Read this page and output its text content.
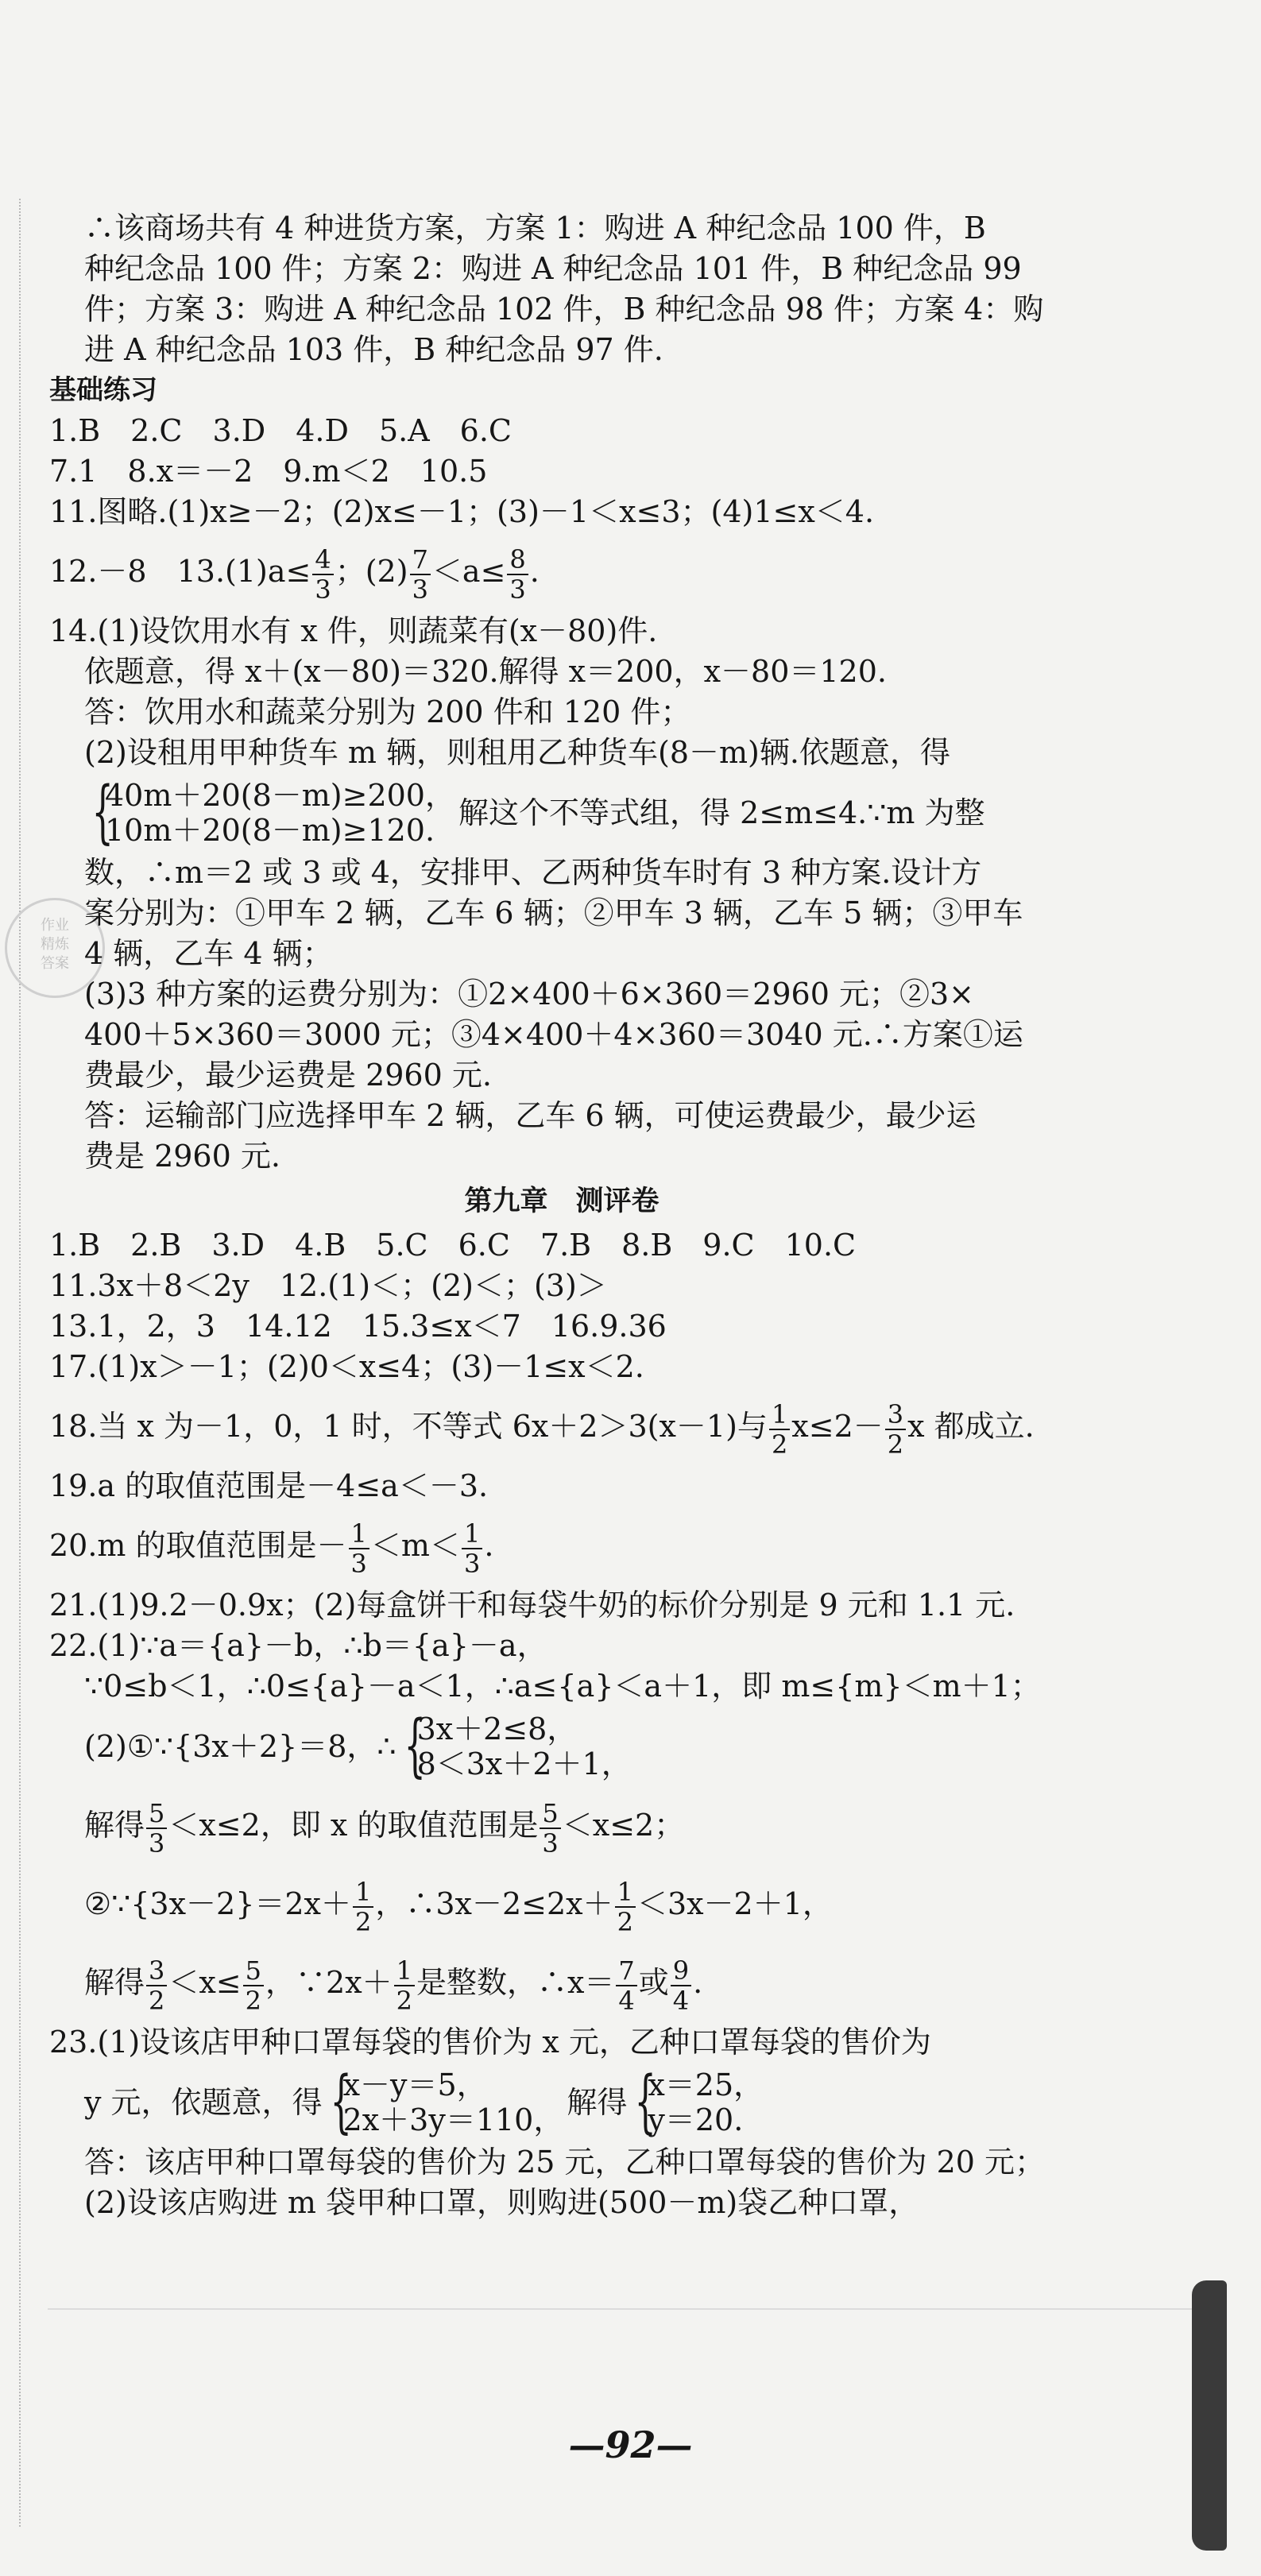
作业
精炼
答案
∴该商场共有 4 种进货方案，方案 1：购进 A 种纪念品 100 件，B
种纪念品 100 件；方案 2：购进 A 种纪念品 101 件，B 种纪念品 99
件；方案 3：购进 A 种纪念品 102 件，B 种纪念品 98 件；方案 4：购
进 A 种纪念品 103 件，B 种纪念品 97 件.
基础练习
1.B　2.C　3.D　4.D　5.A　6.C
7.1　8.x＝－2　9.m＜2　10.5
11.图略.(1)x≥－2；(2)x≤－1；(3)－1＜x≤3；(4)1≤x＜4.
12.－8　$13.(1)a\le \frac{4}{3}$ ；$(2) \frac{7}{3} <a\le \frac{8}{3}$ .
14.(1)设饮用水有 x 件，则蔬菜有(x－80)件.
依题意，得 x＋(x－80)＝320.解得 x＝200，x－80＝120.
答：饮用水和蔬菜分别为 200 件和 120 件；
(2)设租用甲种货车 m 辆，则租用乙种货车(8－m)辆.依题意，得
{
40m＋20(8－m)≥200，
10m＋20(8－m)≥120.
解这个不等式组，得 2≤m≤4.∵m 为整
数，∴m＝2 或 3 或 4，安排甲、乙两种货车时有 3 种方案.设计方
案分别为：①甲车 2 辆，乙车 6 辆；②甲车 3 辆，乙车 5 辆；③甲车
4 辆，乙车 4 辆；
(3)3 种方案的运费分别为：①2×400＋6×360＝2960 元；②3×
400＋5×360＝3000 元；③4×400＋4×360＝3040 元.∴方案①运
费最少，最少运费是 2960 元.
答：运输部门应选择甲车 2 辆，乙车 6 辆，可使运费最少，最少运
费是 2960 元.
第九章　测评卷
1.B　2.B　3.D　4.B　5.C　6.C　7.B　8.B　9.C　10.C
11.3x＋8＜2y　12.(1)＜；(2)＜；(3)＞
13.1，2，3　14.12　15.3≤x＜7　16.9.36
17.(1)x＞－1；(2)0＜x≤4；(3)－1≤x＜2.
18.当 x 为－1，0，1 时，不等式 6x＋2＞3(x－1)与 $\frac{1}{2} x\le 2- \frac{3}{2}$ x 都成立.
19.a 的取值范围是－4≤a＜－3.
20.m 的取值范围是－ $\frac{1}{3} <m< \frac{1}{3}$ .
21.(1)9.2－0.9x；(2)每盒饼干和每袋牛奶的标价分别是 9 元和 1.1 元.
22.(1)∵a＝{a}－b，∴b＝{a}－a，
∵0≤b＜1，∴0≤{a}－a＜1，∴a≤{a}＜a＋1，即 m≤{m}＜m＋1；
(2)①∵{3x＋2}＝8，∴ {
3x＋2≤8，
8＜3x＋2＋1，
解得 $\frac{5}{3} <x\le 2$，即 x 的取值范围是 $\frac{5}{3} <x\le 2$；
②∵{3x－2}＝2x＋ $\frac{1}{2}$ ，∴3x－2≤2x＋ $\frac{1}{2} <3x-2+1$，
解得 $\frac{3}{2} <x\le \frac{5}{2}$ ，∵2x＋ $\frac{1}{2}$ 是整数，∴x＝ $\frac{7}{4}$ 或 $\frac{9}{4}$ .
23.(1)设该店甲种口罩每袋的售价为 x 元，乙种口罩每袋的售价为
y 元，依题意，得 {
x－y＝5，
2x＋3y＝110，
解得 {
x＝25，
y＝20.
答：该店甲种口罩每袋的售价为 25 元，乙种口罩每袋的售价为 20 元；
(2)设该店购进 m 袋甲种口罩，则购进(500－m)袋乙种口罩，
—92—
